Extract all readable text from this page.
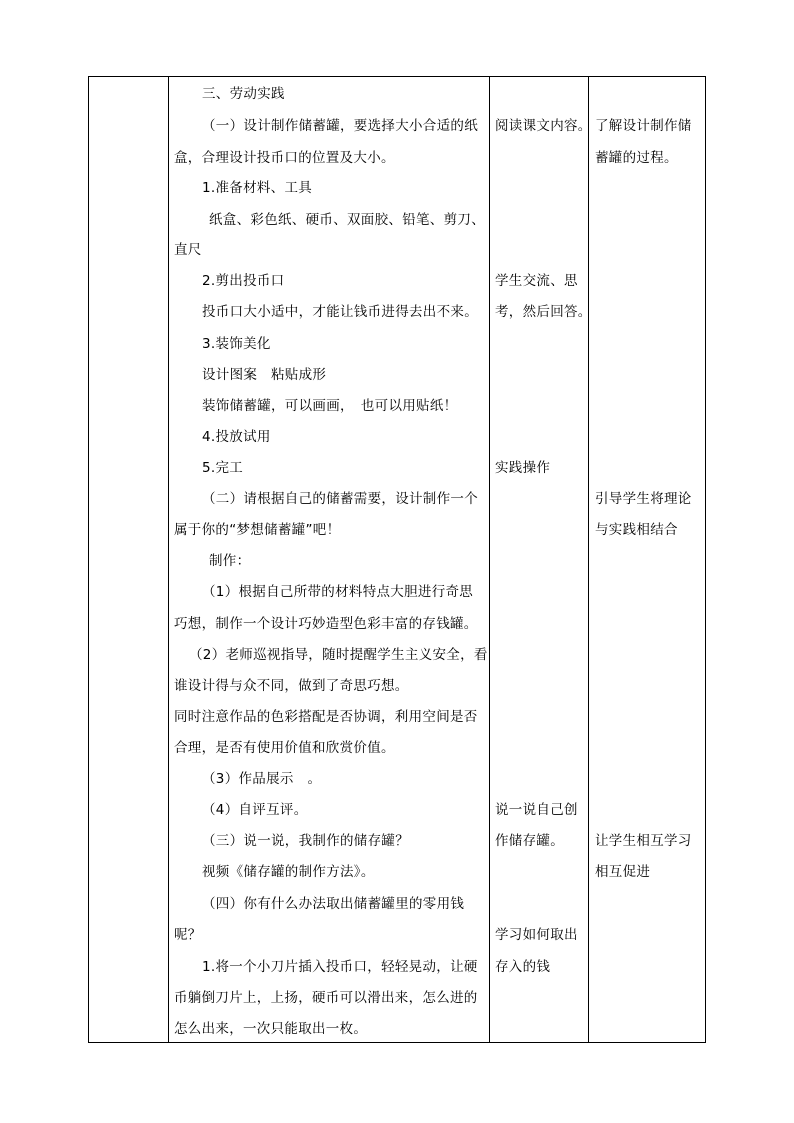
三、劳动实践
（一）设计制作储蓄罐，要选择大小合适的纸
盒，合理设计投币口的位置及大小。
1.准备材料、工具
纸盒、彩色纸、硬币、双面胶、铅笔、剪刀、
直尺
2.剪出投币口
投币口大小适中，才能让钱币进得去出不来。
3.装饰美化
设计图案　粘贴成形
装饰储蓄罐，可以画画，　也可以用贴纸！
4.投放试用
5.完工
（二）请根据自己的储蓄需要，设计制作一个
属于你的“梦想储蓄罐”吧！
制作：
（1）根据自己所带的材料特点大胆进行奇思
巧想，制作一个设计巧妙造型色彩丰富的存钱罐。
（2）老师巡视指导，随时提醒学生主义安全，看
谁设计得与众不同，做到了奇思巧想。
同时注意作品的色彩搭配是否协调，利用空间是否
合理，是否有使用价值和欣赏价值。
（3）作品展示　。
（4）自评互评。
（三）说一说，我制作的储存罐？
视频《储存罐的制作方法》。
（四）你有什么办法取出储蓄罐里的零用钱
呢？
1.将一个小刀片插入投币口，轻轻晃动，让硬
币躺倒刀片上，上扬，硬币可以滑出来，怎么进的
怎么出来，一次只能取出一枚。
阅读课文内容。
学生交流、思
考，然后回答。
实践操作
说一说自己创
作储存罐。
学习如何取出
存入的钱
了解设计制作储
蓄罐的过程。
引导学生将理论
与实践相结合
让学生相互学习
相互促进
